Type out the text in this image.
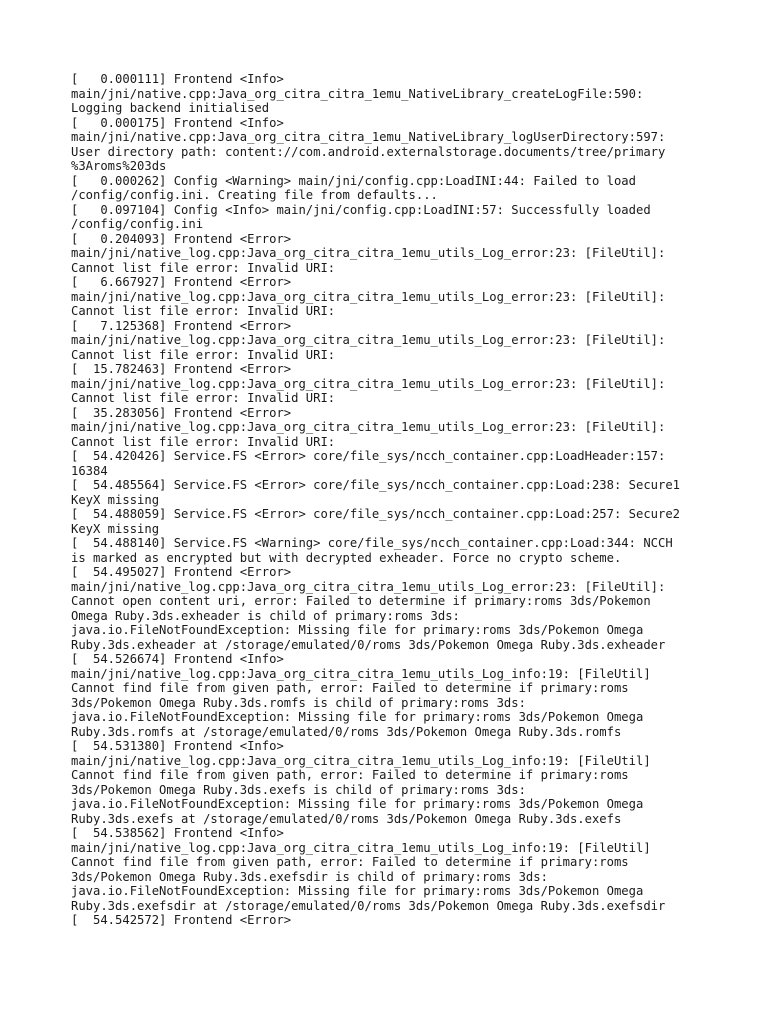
[   0.000111] Frontend <Info>
main/jni/native.cpp:Java_org_citra_citra_1emu_NativeLibrary_createLogFile:590:
Logging backend initialised
[   0.000175] Frontend <Info>
main/jni/native.cpp:Java_org_citra_citra_1emu_NativeLibrary_logUserDirectory:597:
User directory path: content://com.android.externalstorage.documents/tree/primary
%3Aroms%203ds
[   0.000262] Config <Warning> main/jni/config.cpp:LoadINI:44: Failed to load
/config/config.ini. Creating file from defaults...
[   0.097104] Config <Info> main/jni/config.cpp:LoadINI:57: Successfully loaded
/config/config.ini
[   0.204093] Frontend <Error>
main/jni/native_log.cpp:Java_org_citra_citra_1emu_utils_Log_error:23: [FileUtil]:
Cannot list file error: Invalid URI:
[   6.667927] Frontend <Error>
main/jni/native_log.cpp:Java_org_citra_citra_1emu_utils_Log_error:23: [FileUtil]:
Cannot list file error: Invalid URI:
[   7.125368] Frontend <Error>
main/jni/native_log.cpp:Java_org_citra_citra_1emu_utils_Log_error:23: [FileUtil]:
Cannot list file error: Invalid URI:
[  15.782463] Frontend <Error>
main/jni/native_log.cpp:Java_org_citra_citra_1emu_utils_Log_error:23: [FileUtil]:
Cannot list file error: Invalid URI:
[  35.283056] Frontend <Error>
main/jni/native_log.cpp:Java_org_citra_citra_1emu_utils_Log_error:23: [FileUtil]:
Cannot list file error: Invalid URI:
[  54.420426] Service.FS <Error> core/file_sys/ncch_container.cpp:LoadHeader:157:
16384
[  54.485564] Service.FS <Error> core/file_sys/ncch_container.cpp:Load:238: Secure1
KeyX missing
[  54.488059] Service.FS <Error> core/file_sys/ncch_container.cpp:Load:257: Secure2
KeyX missing
[  54.488140] Service.FS <Warning> core/file_sys/ncch_container.cpp:Load:344: NCCH
is marked as encrypted but with decrypted exheader. Force no crypto scheme.
[  54.495027] Frontend <Error>
main/jni/native_log.cpp:Java_org_citra_citra_1emu_utils_Log_error:23: [FileUtil]:
Cannot open content uri, error: Failed to determine if primary:roms 3ds/Pokemon
Omega Ruby.3ds.exheader is child of primary:roms 3ds:
java.io.FileNotFoundException: Missing file for primary:roms 3ds/Pokemon Omega
Ruby.3ds.exheader at /storage/emulated/0/roms 3ds/Pokemon Omega Ruby.3ds.exheader
[  54.526674] Frontend <Info>
main/jni/native_log.cpp:Java_org_citra_citra_1emu_utils_Log_info:19: [FileUtil]
Cannot find file from given path, error: Failed to determine if primary:roms
3ds/Pokemon Omega Ruby.3ds.romfs is child of primary:roms 3ds:
java.io.FileNotFoundException: Missing file for primary:roms 3ds/Pokemon Omega
Ruby.3ds.romfs at /storage/emulated/0/roms 3ds/Pokemon Omega Ruby.3ds.romfs
[  54.531380] Frontend <Info>
main/jni/native_log.cpp:Java_org_citra_citra_1emu_utils_Log_info:19: [FileUtil]
Cannot find file from given path, error: Failed to determine if primary:roms
3ds/Pokemon Omega Ruby.3ds.exefs is child of primary:roms 3ds:
java.io.FileNotFoundException: Missing file for primary:roms 3ds/Pokemon Omega
Ruby.3ds.exefs at /storage/emulated/0/roms 3ds/Pokemon Omega Ruby.3ds.exefs
[  54.538562] Frontend <Info>
main/jni/native_log.cpp:Java_org_citra_citra_1emu_utils_Log_info:19: [FileUtil]
Cannot find file from given path, error: Failed to determine if primary:roms
3ds/Pokemon Omega Ruby.3ds.exefsdir is child of primary:roms 3ds:
java.io.FileNotFoundException: Missing file for primary:roms 3ds/Pokemon Omega
Ruby.3ds.exefsdir at /storage/emulated/0/roms 3ds/Pokemon Omega Ruby.3ds.exefsdir
[  54.542572] Frontend <Error>
